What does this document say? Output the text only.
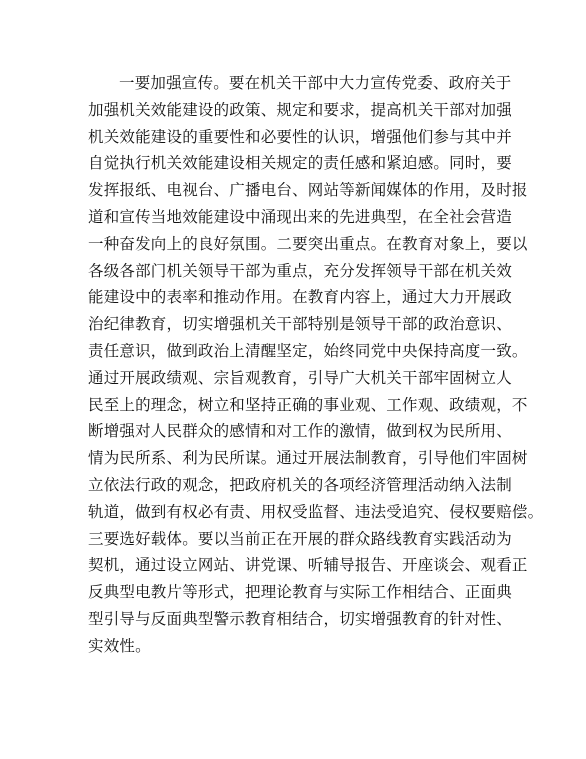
一要加强宣传。要在机关干部中大力宣传党委、政府关于
加强机关效能建设的政策、规定和要求，提高机关干部对加强
机关效能建设的重要性和必要性的认识，增强他们参与其中并
自觉执行机关效能建设相关规定的责任感和紧迫感。同时，要
发挥报纸、电视台、广播电台、网站等新闻媒体的作用，及时报
道和宣传当地效能建设中涌现出来的先进典型，在全社会营造
一种奋发向上的良好氛围。二要突出重点。在教育对象上，要以
各级各部门机关领导干部为重点，充分发挥领导干部在机关效
能建设中的表率和推动作用。在教育内容上，通过大力开展政
治纪律教育，切实增强机关干部特别是领导干部的政治意识、
责任意识，做到政治上清醒坚定，始终同党中央保持高度一致。
通过开展政绩观、宗旨观教育，引导广大机关干部牢固树立人
民至上的理念，树立和坚持正确的事业观、工作观、政绩观，不
断增强对人民群众的感情和对工作的激情，做到权为民所用、
情为民所系、利为民所谋。通过开展法制教育，引导他们牢固树
立依法行政的观念，把政府机关的各项经济管理活动纳入法制
轨道，做到有权必有责、用权受监督、违法受追究、侵权要赔偿。
三要选好载体。要以当前正在开展的群众路线教育实践活动为
契机，通过设立网站、讲党课、听辅导报告、开座谈会、观看正
反典型电教片等形式，把理论教育与实际工作相结合、正面典
型引导与反面典型警示教育相结合，切实增强教育的针对性、
实效性。
